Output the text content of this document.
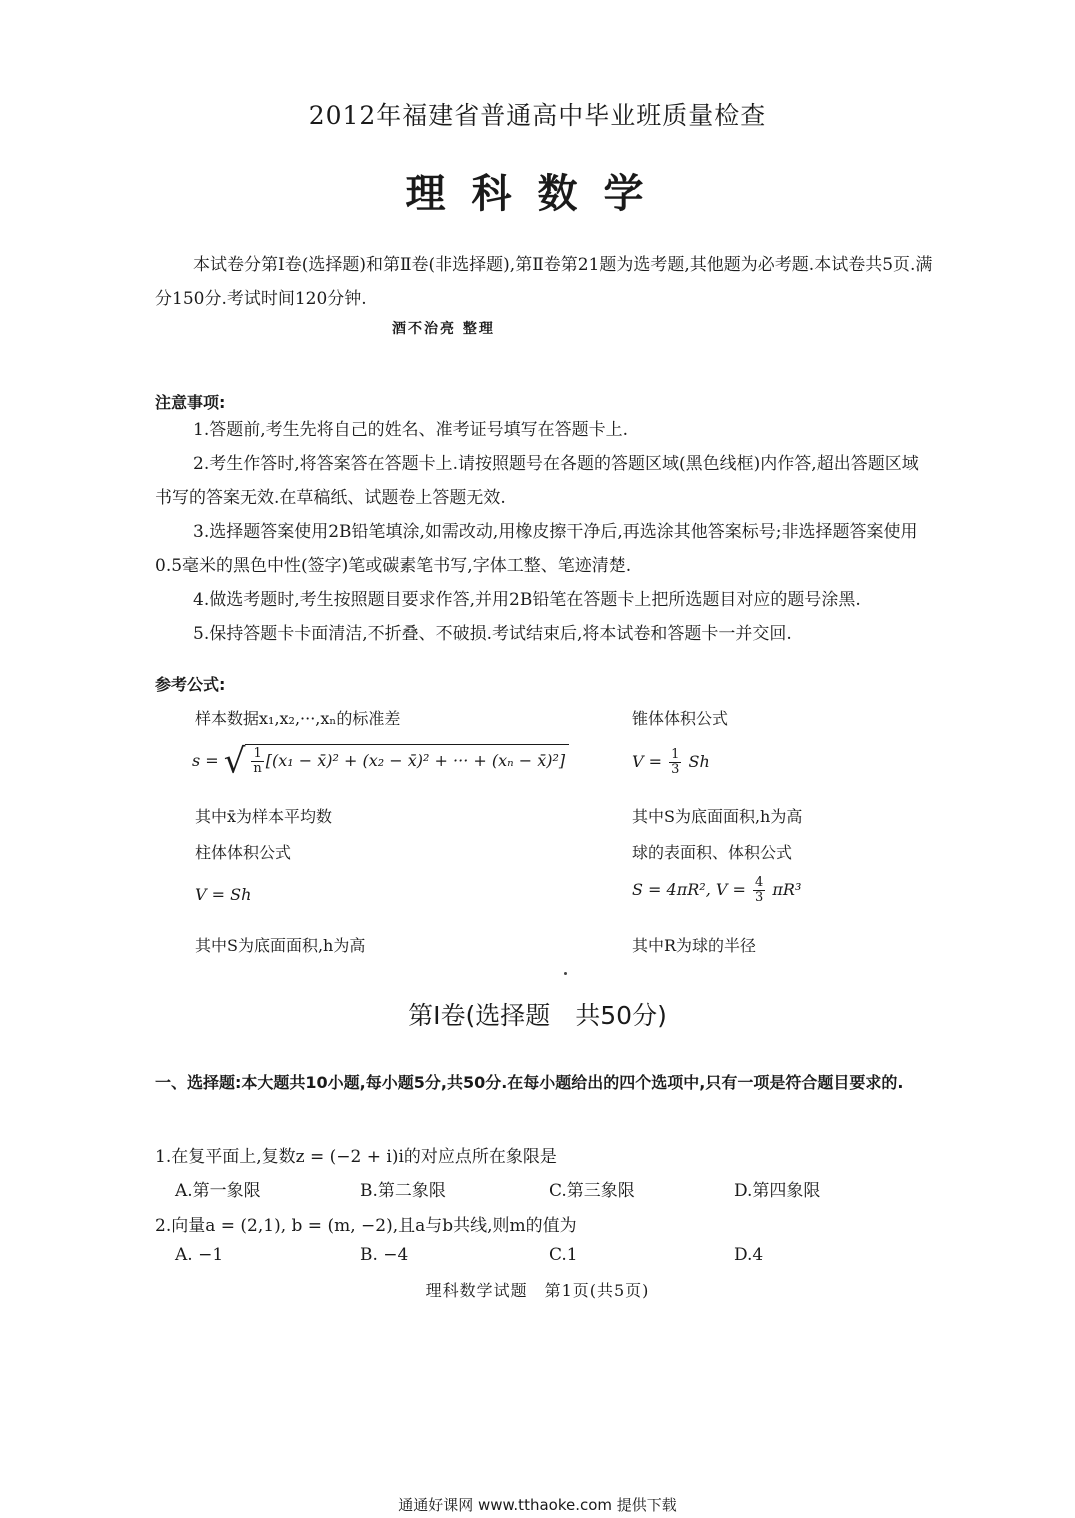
2012年福建省普通高中毕业班质量检查
理科数学
本试卷分第Ⅰ卷(选择题)和第Ⅱ卷(非选择题),第Ⅱ卷第21题为选考题,其他题为必考题.本试卷共5页.满分150分.考试时间120分钟.
酒不治亮 整理
注意事项:
1.答题前,考生先将自己的姓名、准考证号填写在答题卡上.
2.考生作答时,将答案答在答题卡上.请按照题号在各题的答题区域(黑色线框)内作答,超出答题区域书写的答案无效.在草稿纸、试题卷上答题无效.
3.选择题答案使用2B铅笔填涂,如需改动,用橡皮擦干净后,再选涂其他答案标号;非选择题答案使用0.5毫米的黑色中性(签字)笔或碳素笔书写,字体工整、笔迹清楚.
4.做选考题时,考生按照题目要求作答,并用2B铅笔在答题卡上把所选题目对应的题号涂黑.
5.保持答题卡卡面清洁,不折叠、不破损.考试结束后,将本试卷和答题卡一并交回.
参考公式:
样本数据x₁,x₂,···,xₙ的标准差
s = √ $\frac{1}{n} [(x_1$ − x̄)² + (x₂ − x̄)² + ··· + (xₙ − x̄)²]
其中x̄为样本平均数
柱体体积公式
V = Sh
其中S为底面面积,h为高
锥体体积公式
$V = \frac{1}{3}$ Sh
其中S为底面面积,h为高
球的表面积、体积公式
S = 4πR², $V = \frac{4}{3} \pi R^3$
其中R为球的半径
第Ⅰ卷(选择题　共50分)
一、选择题:本大题共10小题,每小题5分,共50分.在每小题给出的四个选项中,只有一项是符合题目要求的.
1.在复平面上,复数z = (−2 + i)i的对应点所在象限是
A.第一象限	B.第二象限	C.第三象限	D.第四象限
2.向量a = (2,1), b = (m, −2),且a与b共线,则m的值为
A. −1	B. −4	C.1	D.4
理科数学试题　第1页(共5页)
通通好课网 www.tthaoke.com 提供下载
